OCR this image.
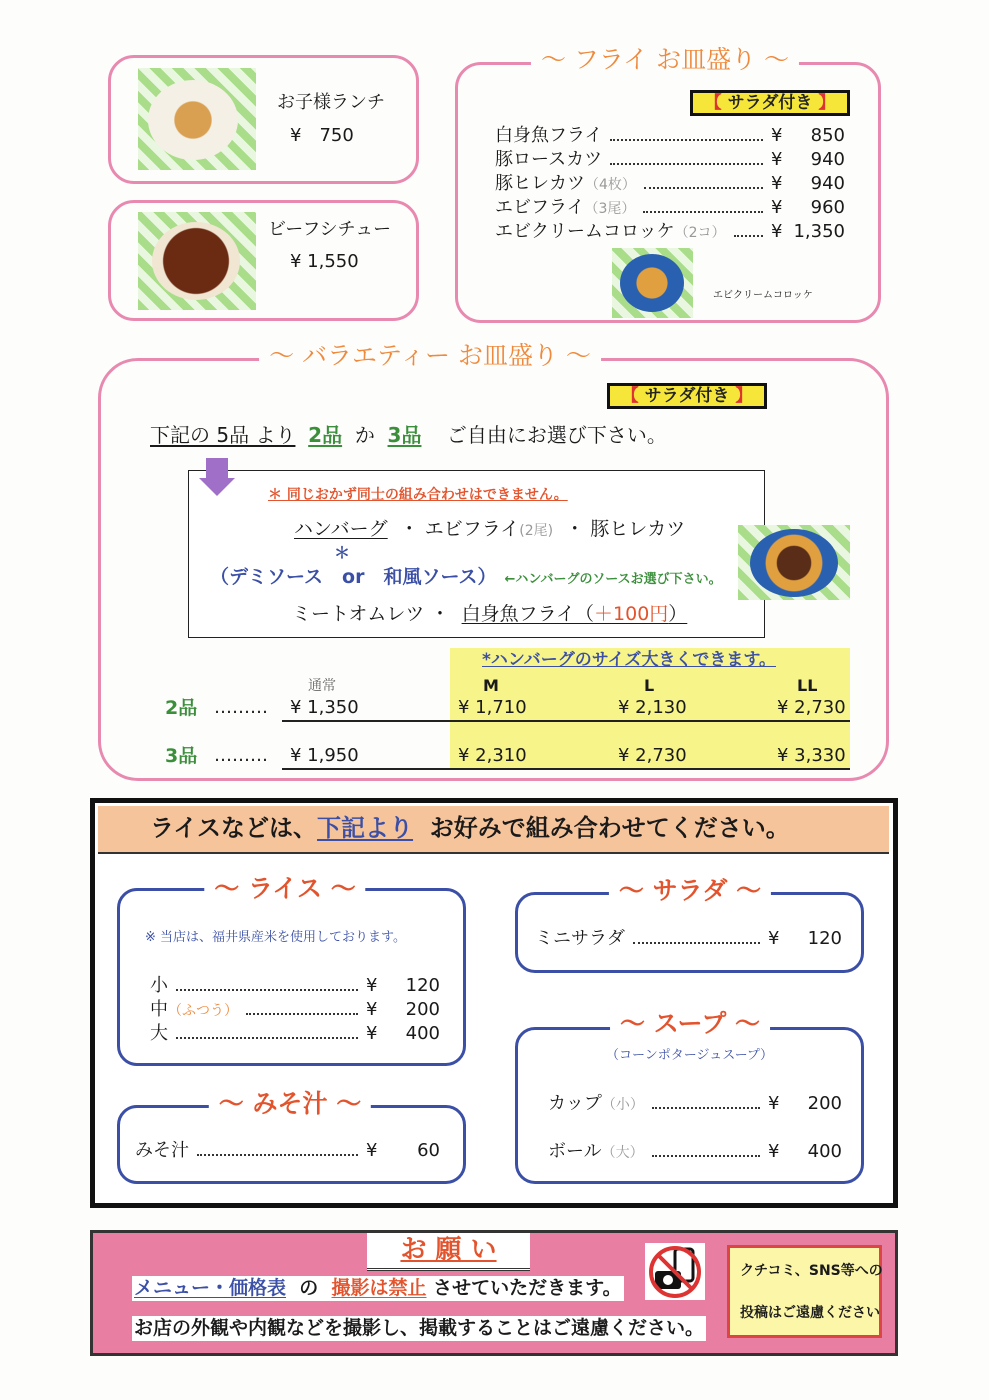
お子様ランチ
¥　750
ビーフシチュー
¥ 1,550
～ フライ お皿盛り ～
【 サラダ付き 】
白身魚フライ	¥	850
豚ロースカツ	¥	940
豚ヒレカツ（4枚）	¥	940
エビフライ（3尾）	¥	960
エビクリームコロッケ（2コ）	¥ 1,350
エビクリームコロッケ
～ バラエティー お皿盛り ～
【 サラダ付き 】
下記の 5品 より 2品 か 3品 ご自由にお選び下さい。
＊ 同じおかず同士の組み合わせはできません。
ハンバーグ ・ エビフライ(2尾) ・ 豚ヒレカツ
＊
（デミソース　or　和風ソース） ←ハンバーグのソースお選び下さい。
ミートオムレツ ・ 白身魚フライ（＋100円）
*ハンバーグのサイズ大きくできます。
通常	M	L	LL
2品 ……… ¥ 1,350	¥ 1,710	¥ 2,130	¥ 2,730
3品 ……… ¥ 1,950	¥ 2,310	¥ 2,730	¥ 3,330
ライスなどは、下記より お好みで組み合わせてください。
～ ライス ～
※ 当店は、福井県産米を使用しております。
～ サラダ ～
～ みそ汁 ～
～ スープ ～
（コーンポタージュスープ）
小	¥	120
中（ふつう）	¥	200
大	¥	400
ミニサラダ	¥	120
みそ汁	¥	60
カップ（小）	¥	200
ボール（大）	¥	400
お 願 い
メニュー・価格表 の 撮影は禁止 させていただきます。
お店の外観や内観などを撮影し、掲載することはご遠慮ください。
クチコミ、SNS等への
投稿はご遠慮ください
